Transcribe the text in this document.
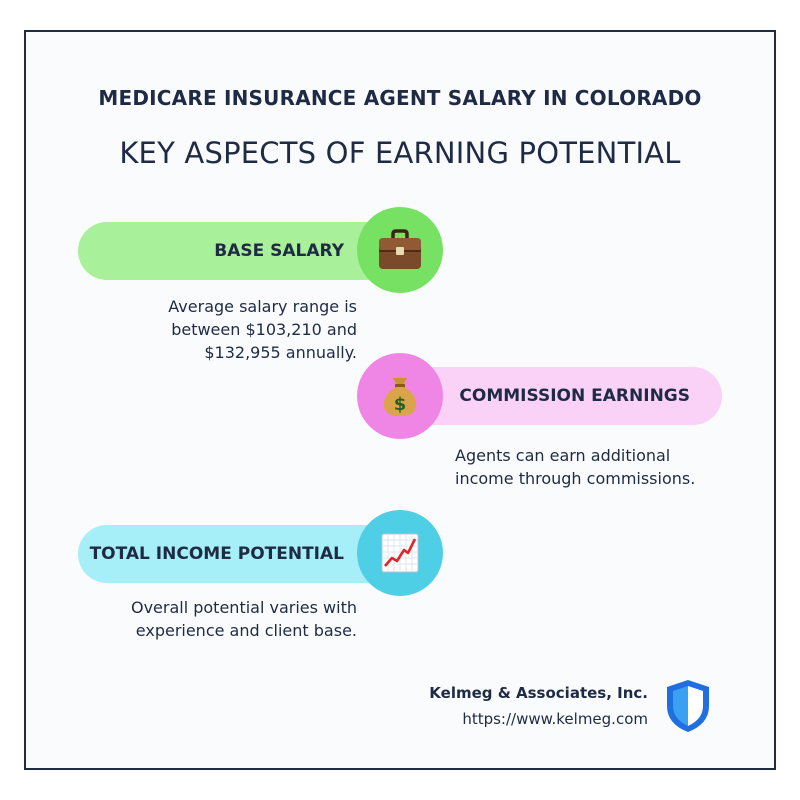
MEDICARE INSURANCE AGENT SALARY IN COLORADO
KEY ASPECTS OF EARNING POTENTIAL
BASE SALARY
Average salary range is
between $103,210 and
$132,955 annually.
COMMISSION EARNINGS
$
Agents can earn additional
income through commissions.
TOTAL INCOME POTENTIAL
Overall potential varies with
experience and client base.
Kelmeg & Associates, Inc.
https://www.kelmeg.com
